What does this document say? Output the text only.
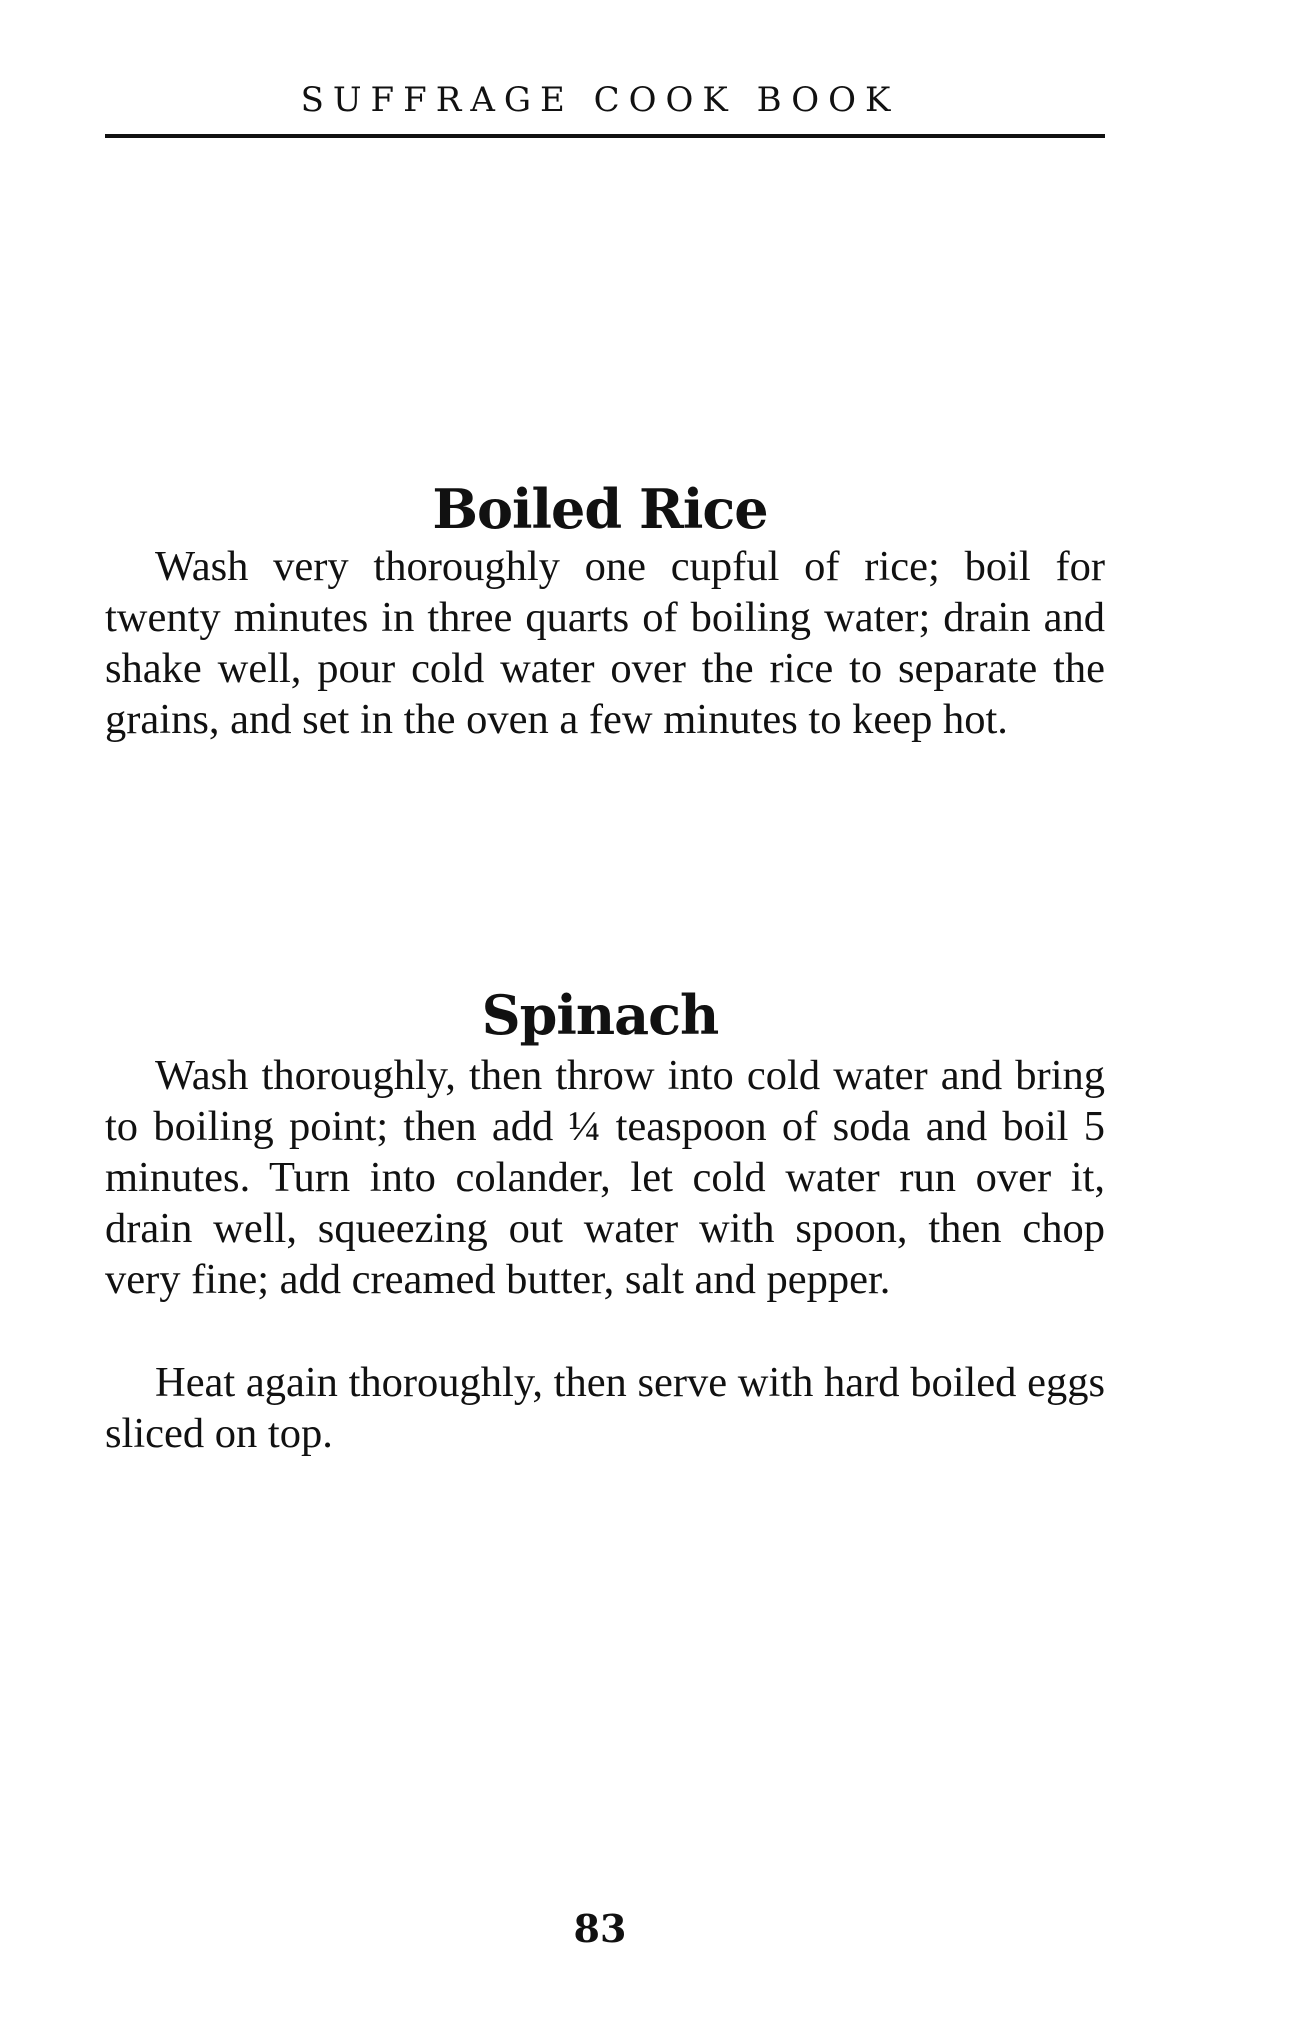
SUFFRAGE COOK BOOK
Boiled Rice

Wash very thoroughly one cupful of rice; boil for twenty minutes in three quarts of boiling water; drain and shake well, pour cold water over the rice to separate the grains, and set in the oven a few minutes to keep hot.

Spinach

Wash thoroughly, then throw into cold water and bring to boiling point; then add ¼ teaspoon of soda and boil 5 minutes. Turn into colander, let cold water run over it, drain well, squeezing out water with spoon, then chop very fine; add creamed butter, salt and pepper.

Heat again thoroughly, then serve with hard boiled eggs sliced on top.

83
